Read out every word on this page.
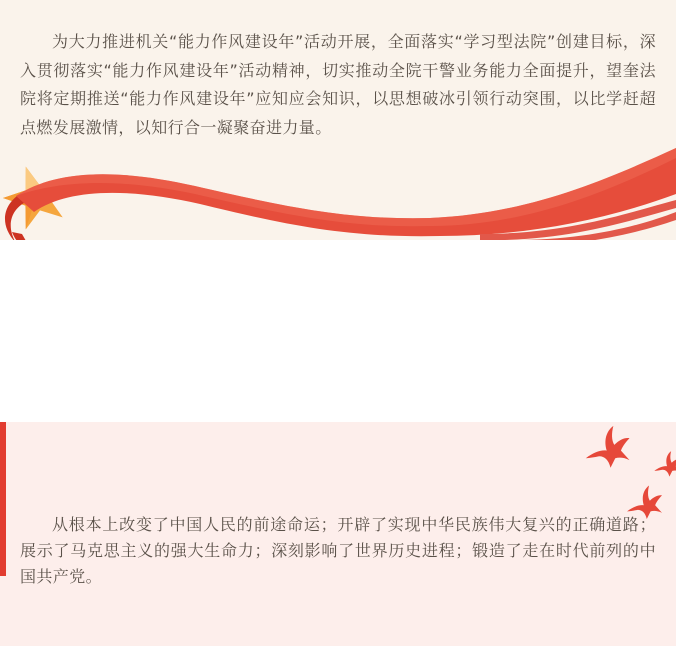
为大力推进机关“能力作风建设年”活动开展，全面落实“学习型法院”创建目标，深入贯彻落实“能力作风建设年”活动精神，切实推动全院干警业务能力全面提升，望奎法院将定期推送“能力作风建设年”应知应会知识，以思想破冰引领行动突围，以比学赶超点燃发展激情，以知行合一凝聚奋进力量。

从根本上改变了中国人民的前途命运；开辟了实现中华民族伟大复兴的正确道路；展示了马克思主义的强大生命力；深刻影响了世界历史进程；锻造了走在时代前列的中国共产党。
